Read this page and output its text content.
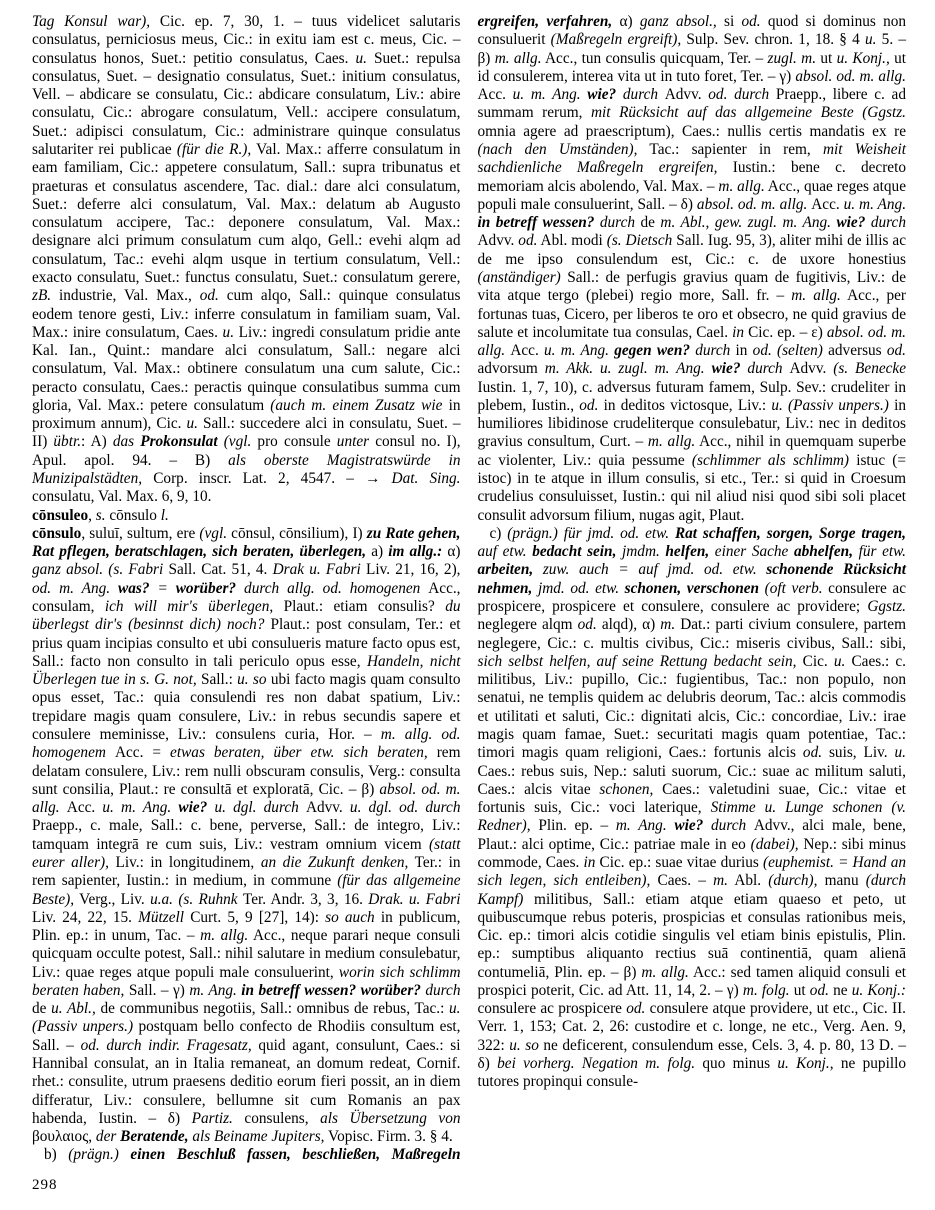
Tag Konsul war), Cic. ep. 7, 30, 1. – tuus videlicet salutaris consulatus, perniciosus meus, Cic.: in exitu iam est c. meus, Cic. – consulatus honos, Suet.: petitio consulatus, Caes. u. Suet.: repulsa consulatus, Suet. – designatio consulatus, Suet.: initium consulatus, Vell. – abdicare se consulatu, Cic.: abdicare consulatum, Liv.: abire consulatu, Cic.: abrogare consulatum, Vell.: accipere consulatum, Suet.: adipisci consulatum, Cic.: administrare quinque consulatus salutariter rei publicae (für die R.), Val. Max.: afferre consulatum in eam familiam, Cic.: appetere consulatum, Sall.: supra tribunatus et praeturas et consulatus ascendere, Tac. dial.: dare alci consulatum, Suet.: deferre alci consulatum, Val. Max.: delatum ab Augusto consulatum accipere, Tac.: deponere consulatum, Val. Max.: designare alci primum consulatum cum alqo, Gell.: evehi alqm ad consulatum, Tac.: evehi alqm usque in tertium consulatum, Vell.: exacto consulatu, Suet.: functus consulatu, Suet.: consulatum gerere, zB. industrie, Val. Max., od. cum alqo, Sall.: quinque consulatus eodem tenore gesti, Liv.: inferre consulatum in familiam suam, Val. Max.: inire consulatum, Caes. u. Liv.: ingredi consulatum pridie ante Kal. Ian., Quint.: mandare alci consulatum, Sall.: negare alci consulatum, Val. Max.: obtinere consulatum una cum salute, Cic.: peracto consulatu, Caes.: peractis quinque consulatibus summa cum gloria, Val. Max.: petere consulatum (auch m. einem Zusatz wie in proximum annum), Cic. u. Sall.: succedere alci in consulatu, Suet. – II) übtr.: A) das Prokonsulat (vgl. pro consule unter consul no. I), Apul. apol. 94. – B) als oberste Magistratswürde in Munizipalstädten, Corp. inscr. Lat. 2, 4547. – → Dat. Sing. consulatu, Val. Max. 6, 9, 10.

cōnsuleo, s. cōnsulo l.

cōnsulo, suluī, sultum, ere (vgl. cōnsul, cōnsilium), I) zu Rate gehen, Rat pflegen, beratschlagen, sich beraten, überlegen, a) im allg.: α) ganz absol. (s. Fabri Sall. Cat. 51, 4. Drak u. Fabri Liv. 21, 16, 2), od. m. Ang. was? = worüber? durch allg. od. homogenen Acc., consulam, ich will mir's überlegen, Plaut.: etiam consulis? du überlegst dir's (besinnst dich) noch? Plaut.: post consulam, Ter.: et prius quam incipias consulto et ubi consulueris mature facto opus est, Sall.: facto non consulto in tali periculo opus esse, Handeln, nicht Überlegen tue in s. G. not, Sall.: u. so ubi facto magis quam consulto opus esset, Tac.: quia consulendi res non dabat spatium, Liv.: trepidare magis quam consulere, Liv.: in rebus secundis sapere et consulere meminisse, Liv.: consulens curia, Hor. – m. allg. od. homogenem Acc. = etwas beraten, über etw. sich beraten, rem delatam consulere, Liv.: rem nulli obscuram consulis, Verg.: consulta sunt consilia, Plaut.: re consultā et exploratā, Cic. – β) absol. od. m. allg. Acc. u. m. Ang. wie? u. dgl. durch Advv. u. dgl. od. durch Praepp., c. male, Sall.: c. bene, perverse, Sall.: de integro, Liv.: tamquam integrā re cum suis, Liv.: vestram omnium vicem (statt eurer aller), Liv.: in longitudinem, an die Zukunft denken, Ter.: in rem sapienter, Iustin.: in medium, in commune (für das allgemeine Beste), Verg., Liv. u.a. (s. Ruhnk Ter. Andr. 3, 3, 16. Drak. u. Fabri Liv. 24, 22, 15. Mützell Curt. 5, 9 [27], 14): so auch in publicum, Plin. ep.: in unum, Tac. – m. allg. Acc., neque parari neque consuli quicquam occulte potest, Sall.: nihil salutare in medium consulebatur, Liv.: quae reges atque populi male consuluerint, worin sich schlimm beraten haben, Sall. – γ) m. Ang. in betreff wessen? worüber? durch de u. Abl., de communibus negotiis, Sall.: omnibus de rebus, Tac.: u. (Passiv unpers.) postquam bello confecto de Rhodiis consultum est, Sall. – od. durch indir. Fragesatz, quid agant, consulunt, Caes.: si Hannibal consulat, an in Italia remaneat, an domum redeat, Cornif. rhet.: consulite, utrum praesens deditio eorum fieri possit, an in diem differatur, Liv.: consulere, bellumne sit cum Romanis an pax habenda, Iustin. – δ) Partiz. consulens, als Übersetzung von βουλαιος, der Beratende, als Beiname Jupiters, Vopisc. Firm. 3. § 4.

b) (prägn.) einen Beschluß fassen, beschließen, Maßregeln ergreifen, verfahren, α) ganz absol., si od. quod si dominus non consuluerit (Maßregeln ergreift), Sulp. Sev. chron. 1, 18. § 4 u. 5. – β) m. allg. Acc., tun consulis quicquam, Ter. – zugl. m. ut u. Konj., ut id consulerem, interea vita ut in tuto foret, Ter. – γ) absol. od. m. allg. Acc. u. m. Ang. wie? durch Advv. od. durch Praepp., libere c. ad summam rerum, mit Rücksicht auf das allgemeine Beste (Ggstz. omnia agere ad praescriptum), Caes.: nullis certis mandatis ex re (nach den Umständen), Tac.: sapienter in rem, mit Weisheit sachdienliche Maßregeln ergreifen, Iustin.: bene c. decreto memoriam alcis abolendo, Val. Max. – m. allg. Acc., quae reges atque populi male consuluerint, Sall. – δ) absol. od. m. allg. Acc. u. m. Ang. in betreff wessen? durch de m. Abl., gew. zugl. m. Ang. wie? durch Advv. od. Abl. modi (s. Dietsch Sall. Iug. 95, 3), aliter mihi de illis ac de me ipso consulendum est, Cic.: c. de uxore honestius (anständiger) Sall.: de perfugis gravius quam de fugitivis, Liv.: de vita atque tergo (plebei) regio more, Sall. fr. – m. allg. Acc., per fortunas tuas, Cicero, per liberos te oro et obsecro, ne quid gravius de salute et incolumitate tua consulas, Cael. in Cic. ep. – ε) absol. od. m. allg. Acc. u. m. Ang. gegen wen? durch in od. (selten) adversus od. advorsum m. Akk. u. zugl. m. Ang. wie? durch Advv. (s. Benecke Iustin. 1, 7, 10), c. adversus futuram famem, Sulp. Sev.: crudeliter in plebem, Iustin., od. in deditos victosque, Liv.: u. (Passiv unpers.) in humiliores libidinose crudeliterque consulebatur, Liv.: nec in deditos gravius consultum, Curt. – m. allg. Acc., nihil in quemquam superbe ac violenter, Liv.: quia pessume (schlimmer als schlimm) istuc (= istoc) in te atque in illum consulis, si etc., Ter.: si quid in Croesum crudelius consuluisset, Iustin.: qui nil aliud nisi quod sibi soli placet consulit advorsum filium, nugas agit, Plaut.

c) (prägn.) für jmd. od. etw. Rat schaffen, sorgen, Sorge tragen, auf etw. bedacht sein, jmdm. helfen, einer Sache abhelfen, für etw. arbeiten, zuw. auch = auf jmd. od. etw. schonende Rücksicht nehmen, jmd. od. etw. schonen, verschonen (oft verb. consulere ac prospicere, prospicere et consulere, consulere ac providere; Ggstz. neglegere alqm od. alqd), α) m. Dat.: parti civium consulere, partem neglegere, Cic.: c. multis civibus, Cic.: miseris civibus, Sall.: sibi, sich selbst helfen, auf seine Rettung bedacht sein, Cic. u. Caes.: c. militibus, Liv.: pupillo, Cic.: fugientibus, Tac.: non populo, non senatui, ne templis quidem ac delubris deorum, Tac.: alcis commodis et utilitati et saluti, Cic.: dignitati alcis, Cic.: concordiae, Liv.: irae magis quam famae, Suet.: securitati magis quam potentiae, Tac.: timori magis quam religioni, Caes.: fortunis alcis od. suis, Liv. u. Caes.: rebus suis, Nep.: saluti suorum, Cic.: suae ac militum saluti, Caes.: alcis vitae schonen, Caes.: valetudini suae, Cic.: vitae et fortunis suis, Cic.: voci laterique, Stimme u. Lunge schonen (v. Redner), Plin. ep. – m. Ang. wie? durch Advv., alci male, bene, Plaut.: alci optime, Cic.: patriae male in eo (dabei), Nep.: sibi minus commode, Caes. in Cic. ep.: suae vitae durius (euphemist. = Hand an sich legen, sich entleiben), Caes. – m. Abl. (durch), manu (durch Kampf) militibus, Sall.: etiam atque etiam quaeso et peto, ut quibuscumque rebus poteris, prospicias et consulas rationibus meis, Cic. ep.: timori alcis cotidie singulis vel etiam binis epistulis, Plin. ep.: sumptibus aliquanto rectius suā continentiā, quam alienā contumeliā, Plin. ep. – β) m. allg. Acc.: sed tamen aliquid consuli et prospici poterit, Cic. ad Att. 11, 14, 2. – γ) m. folg. ut od. ne u. Konj.: consulere ac prospicere od. consulere atque providere, ut etc., Cic. II. Verr. 1, 153; Cat. 2, 26: custodire et c. longe, ne etc., Verg. Aen. 9, 322: u. so ne deficerent, consulendum esse, Cels. 3, 4. p. 80, 13 D. – δ) bei vorherg. Negation m. folg. quo minus u. Konj., ne pupillo tutores propinqui consule-

298
